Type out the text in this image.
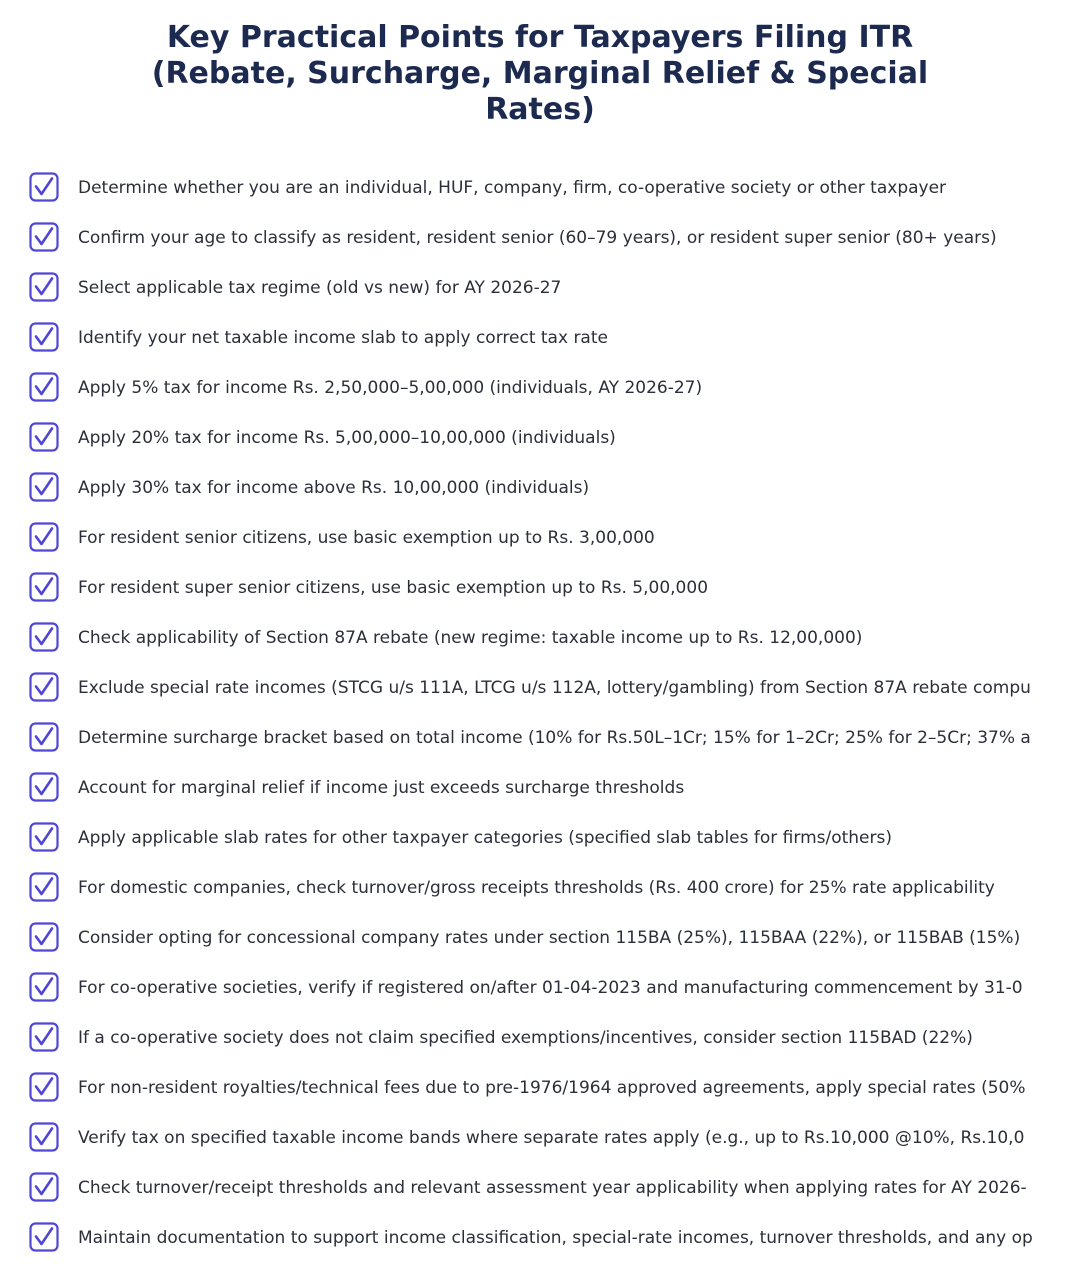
Key Practical Points for Taxpayers Filing ITR (Rebate, Surcharge, Marginal Relief & Special Rates)
Determine whether you are an individual, HUF, company, firm, co-operative society or other taxpayer
Confirm your age to classify as resident, resident senior (60–79 years), or resident super senior (80+ years)
Select applicable tax regime (old vs new) for AY 2026-27
Identify your net taxable income slab to apply correct tax rate
Apply 5% tax for income Rs. 2,50,000–5,00,000 (individuals, AY 2026-27)
Apply 20% tax for income Rs. 5,00,000–10,00,000 (individuals)
Apply 30% tax for income above Rs. 10,00,000 (individuals)
For resident senior citizens, use basic exemption up to Rs. 3,00,000
For resident super senior citizens, use basic exemption up to Rs. 5,00,000
Check applicability of Section 87A rebate (new regime: taxable income up to Rs. 12,00,000)
Exclude special rate incomes (STCG u/s 111A, LTCG u/s 112A, lottery/gambling) from Section 87A rebate compu
Determine surcharge bracket based on total income (10% for Rs.50L–1Cr; 15% for 1–2Cr; 25% for 2–5Cr; 37% a
Account for marginal relief if income just exceeds surcharge thresholds
Apply applicable slab rates for other taxpayer categories (specified slab tables for firms/others)
For domestic companies, check turnover/gross receipts thresholds (Rs. 400 crore) for 25% rate applicability
Consider opting for concessional company rates under section 115BA (25%), 115BAA (22%), or 115BAB (15%)
For co-operative societies, verify if registered on/after 01-04-2023 and manufacturing commencement by 31-0
If a co-operative society does not claim specified exemptions/incentives, consider section 115BAD (22%)
For non-resident royalties/technical fees due to pre-1976/1964 approved agreements, apply special rates (50%
Verify tax on specified taxable income bands where separate rates apply (e.g., up to Rs.10,000 @10%, Rs.10,0
Check turnover/receipt thresholds and relevant assessment year applicability when applying rates for AY 2026-
Maintain documentation to support income classification, special-rate incomes, turnover thresholds, and any op
